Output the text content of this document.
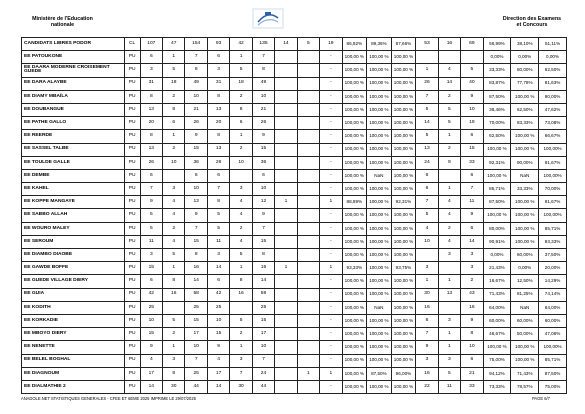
Ministère de l'Education
nationale
Direction des Examens
et Concours
CANDIDATS LIBRES PODOR	CL	107	47	154	93	42	135	14	5	19	86,92%	89,36%	87,66%	53	16	69	56,99%	38,10%	51,11%
EE PATOUKONE	PU	6	1	7	6	1	7			-	100,00 %	100,00 %	100,00 %				0,00%	0,00%	0,00%
EE DAARA MODERNE CROISEMENT GUEDE	PU	3	5	8	3	5	8			-	100,00 %	100,00 %	100,00 %	1	4	5	33,33%	80,00%	62,50%
EE DARA ALAYBE	PU	31	18	49	31	18	49			-	100,00 %	100,00 %	100,00 %	26	14	40	83,87%	77,78%	81,63%
EE DIAMY MBAÏLA	PU	8	2	10	8	2	10			-	100,00 %	100,00 %	100,00 %	7	2	9	87,50%	100,00 %	90,00%
EE DOUBANGUE	PU	13	8	21	13	8	21			-	100,00 %	100,00 %	100,00 %	5	5	10	38,46%	62,50%	47,62%
EE PATHE GALLO	PU	20	6	26	20	6	26			-	100,00 %	100,00 %	100,00 %	14	5	19	70,00%	83,33%	73,08%
EE REERDE	PU	8	1	9	8	1	9			-	100,00 %	100,00 %	100,00 %	5	1	6	62,50%	100,00 %	66,67%
EE SASSEL TALBE	PU	13	2	15	13	2	15			-	100,00 %	100,00 %	100,00 %	13	2	15	100,00 %	100,00 %	100,00%
EE TOULDE GALLE	PU	26	10	36	26	10	36			-	100,00 %	100,00 %	100,00 %	24	9	33	92,31%	90,00%	91,67%
EE DEMBE	PU	6		6	6		6			-	100,00 %	NaN	100,00 %	6		6	100,00 %	NaN	100,00%
EE KAHEL	PU	7	3	10	7	3	10			-	100,00 %	100,00 %	100,00 %	6	1	7	85,71%	33,33%	70,00%
EE KOPPE MANGAYE	PU	9	4	13	8	4	12	1		1	88,89%	100,00 %	92,31%	7	4	11	87,50%	100,00 %	91,67%
EE SABBO ALLAH	PU	5	4	9	5	4	9			-	100,00 %	100,00 %	100,00 %	5	4	9	100,00 %	100,00 %	100,00%
EE WOURO MALEY	PU	5	2	7	5	2	7			-	100,00 %	100,00 %	100,00 %	4	2	6	80,00%	100,00 %	85,71%
EE SEROUM	PU	11	4	15	11	4	15			-	100,00 %	100,00 %	100,00 %	10	4	14	90,91%	100,00 %	93,33%
EE DIAMBO DIAOBE	PU	3	5	8	3	5	8			-	100,00 %	100,00 %	100,00 %		3	3	0,00%	60,00%	37,50%
EE GAWDE BOFFE	PU	15	1	16	14	1	15	1		1	93,33%	100,00 %	93,75%	3		3	21,43%	0,00%	20,00%
EE GUEDE VILLAGE DIERY	PU	6	8	14	6	8	14			-	100,00 %	100,00 %	100,00 %	1	1	2	16,67%	12,50%	14,29%
EE GUIA	PU	42	16	58	42	16	58			-	100,00 %	100,00 %	100,00 %	30	13	43	71,43%	81,25%	74,14%
EE KODITH	PU	25		25	25		25			-	100,00 %	NaN	100,00 %	16		16	64,00%	NaN	64,00%
EE KORKADIE	PU	10	5	15	10	5	15			-	100,00 %	100,00 %	100,00 %	6	3	9	60,00%	60,00%	60,00%
EE MBOYO DIERY	PU	15	2	17	15	2	17			-	100,00 %	100,00 %	100,00 %	7	1	8	46,67%	50,00%	47,06%
EE NENETTE	PU	9	1	10	9	1	10			-	100,00 %	100,00 %	100,00 %	9	1	10	100,00 %	100,00 %	100,00%
EE BELEL BOGHAL	PU	4	3	7	4	3	7			-	100,00 %	100,00 %	100,00 %	3	3	6	75,00%	100,00 %	85,71%
EE DIAGNOUM	PU	17	8	25	17	7	24		1	1	100,00 %	87,50%	96,00%	16	5	21	94,12%	71,43%	87,50%
EE DIALMATHIE 2	PU	14	30	44	14	30	44			-	100,00 %	100,00 %	100,00 %	22	11	33	73,33%	78,57%	75,00%
ANADOLE.NET STATISTIQUES GENERALES - CFEE ET 6EME 2025 IMPRIME LE 29/07/2025	PAGE 6/7
